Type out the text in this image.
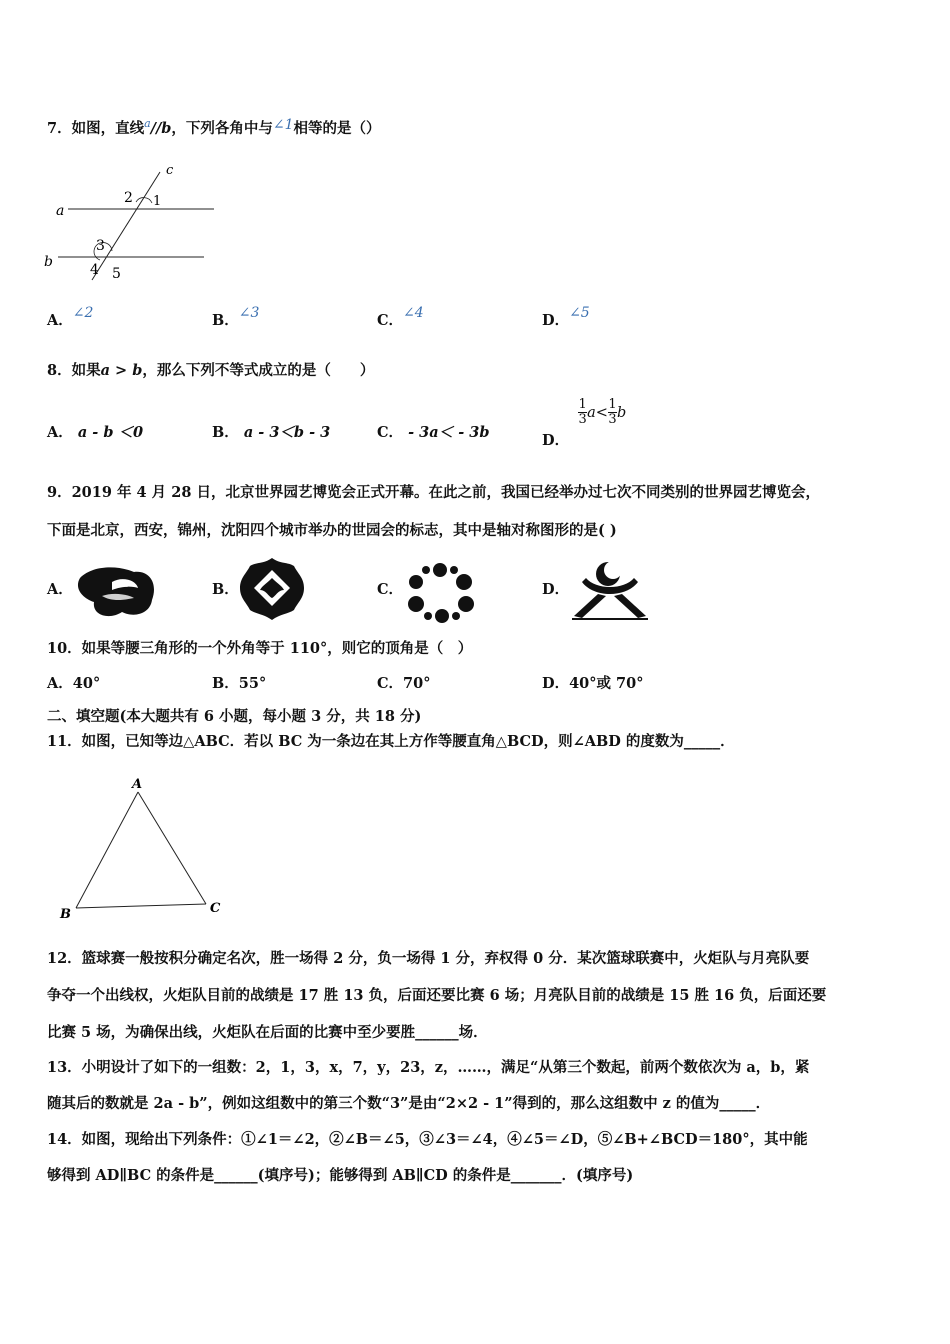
7．如图，直线$^a$//b，下列各角中与∠1相等的是（）
c
a
b
2 1
3
4 5
A．∠2	B．∠3	C．∠4	D．∠5
8．如果a > b，那么下列不等式成立的是（　　）
A． a - b ＜0	B． a - 3＜b - 3	C． - 3a＜ - 3b	D．
$\frac{1}{3} a< \frac{1}{3}$ b
9．2019 年 4 月 28 日，北京世界园艺博览会正式开幕。在此之前，我国已经举办过七次不同类别的世界园艺博览会，
下面是北京，西安，锦州，沈阳四个城市举办的世园会的标志，其中是轴对称图形的是( )
A．	B．	C．	D．
10．如果等腰三角形的一个外角等于 110°，则它的顶角是（　）
A．40°	B．55°	C．70°	D．40°或 70°
二、填空题(本大题共有 6 小题，每小题 3 分，共 18 分)
11．如图，已知等边△ABC．若以 BC 为一条边在其上方作等腰直角△BCD，则∠ABD 的度数为_____．
A
B	C
12．篮球赛一般按积分确定名次，胜一场得 2 分，负一场得 1 分，弃权得 0 分．某次篮球联赛中，火炬队与月亮队要
争夺一个出线权，火炬队目前的战绩是 17 胜 13 负，后面还要比赛 6 场；月亮队目前的战绩是 15 胜 16 负，后面还要
比赛 5 场，为确保出线，火炬队在后面的比赛中至少要胜______场．
13．小明设计了如下的一组数：2，1，3，x，7，y，23，z，……，满足“从第三个数起，前两个数依次为 a，b，紧
随其后的数就是 2a - b”，例如这组数中的第三个数“3”是由“2×2 - 1”得到的，那么这组数中 z 的值为_____．
14．如图，现给出下列条件：①∠1＝∠2，②∠B＝∠5，③∠3＝∠4，④∠5＝∠D，⑤∠B+∠BCD＝180°，其中能
够得到 AD∥BC 的条件是______(填序号)；能够得到 AB∥CD 的条件是_______．(填序号)
